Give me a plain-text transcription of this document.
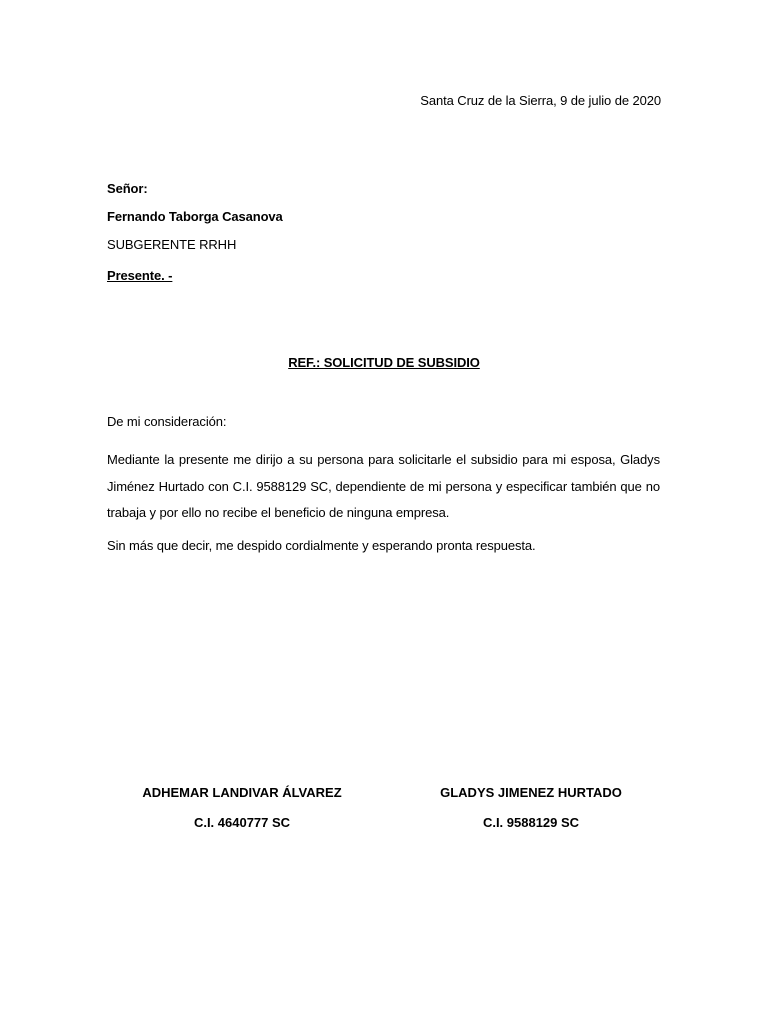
Santa Cruz de la Sierra, 9 de julio de 2020
Señor:
Fernando Taborga Casanova
SUBGERENTE RRHH
Presente. -
REF.: SOLICITUD DE SUBSIDIO
De mi consideración:
Mediante la presente me dirijo a su persona para solicitarle el subsidio para mi esposa, Gladys Jiménez Hurtado con C.I. 9588129 SC, dependiente de mi persona y especificar también que no trabaja y por ello no recibe el beneficio de ninguna empresa.
Sin más que decir, me despido cordialmente y esperando pronta respuesta.
ADHEMAR LANDIVAR ÁLVAREZ
C.I. 4640777 SC
GLADYS JIMENEZ HURTADO
C.I. 9588129 SC
